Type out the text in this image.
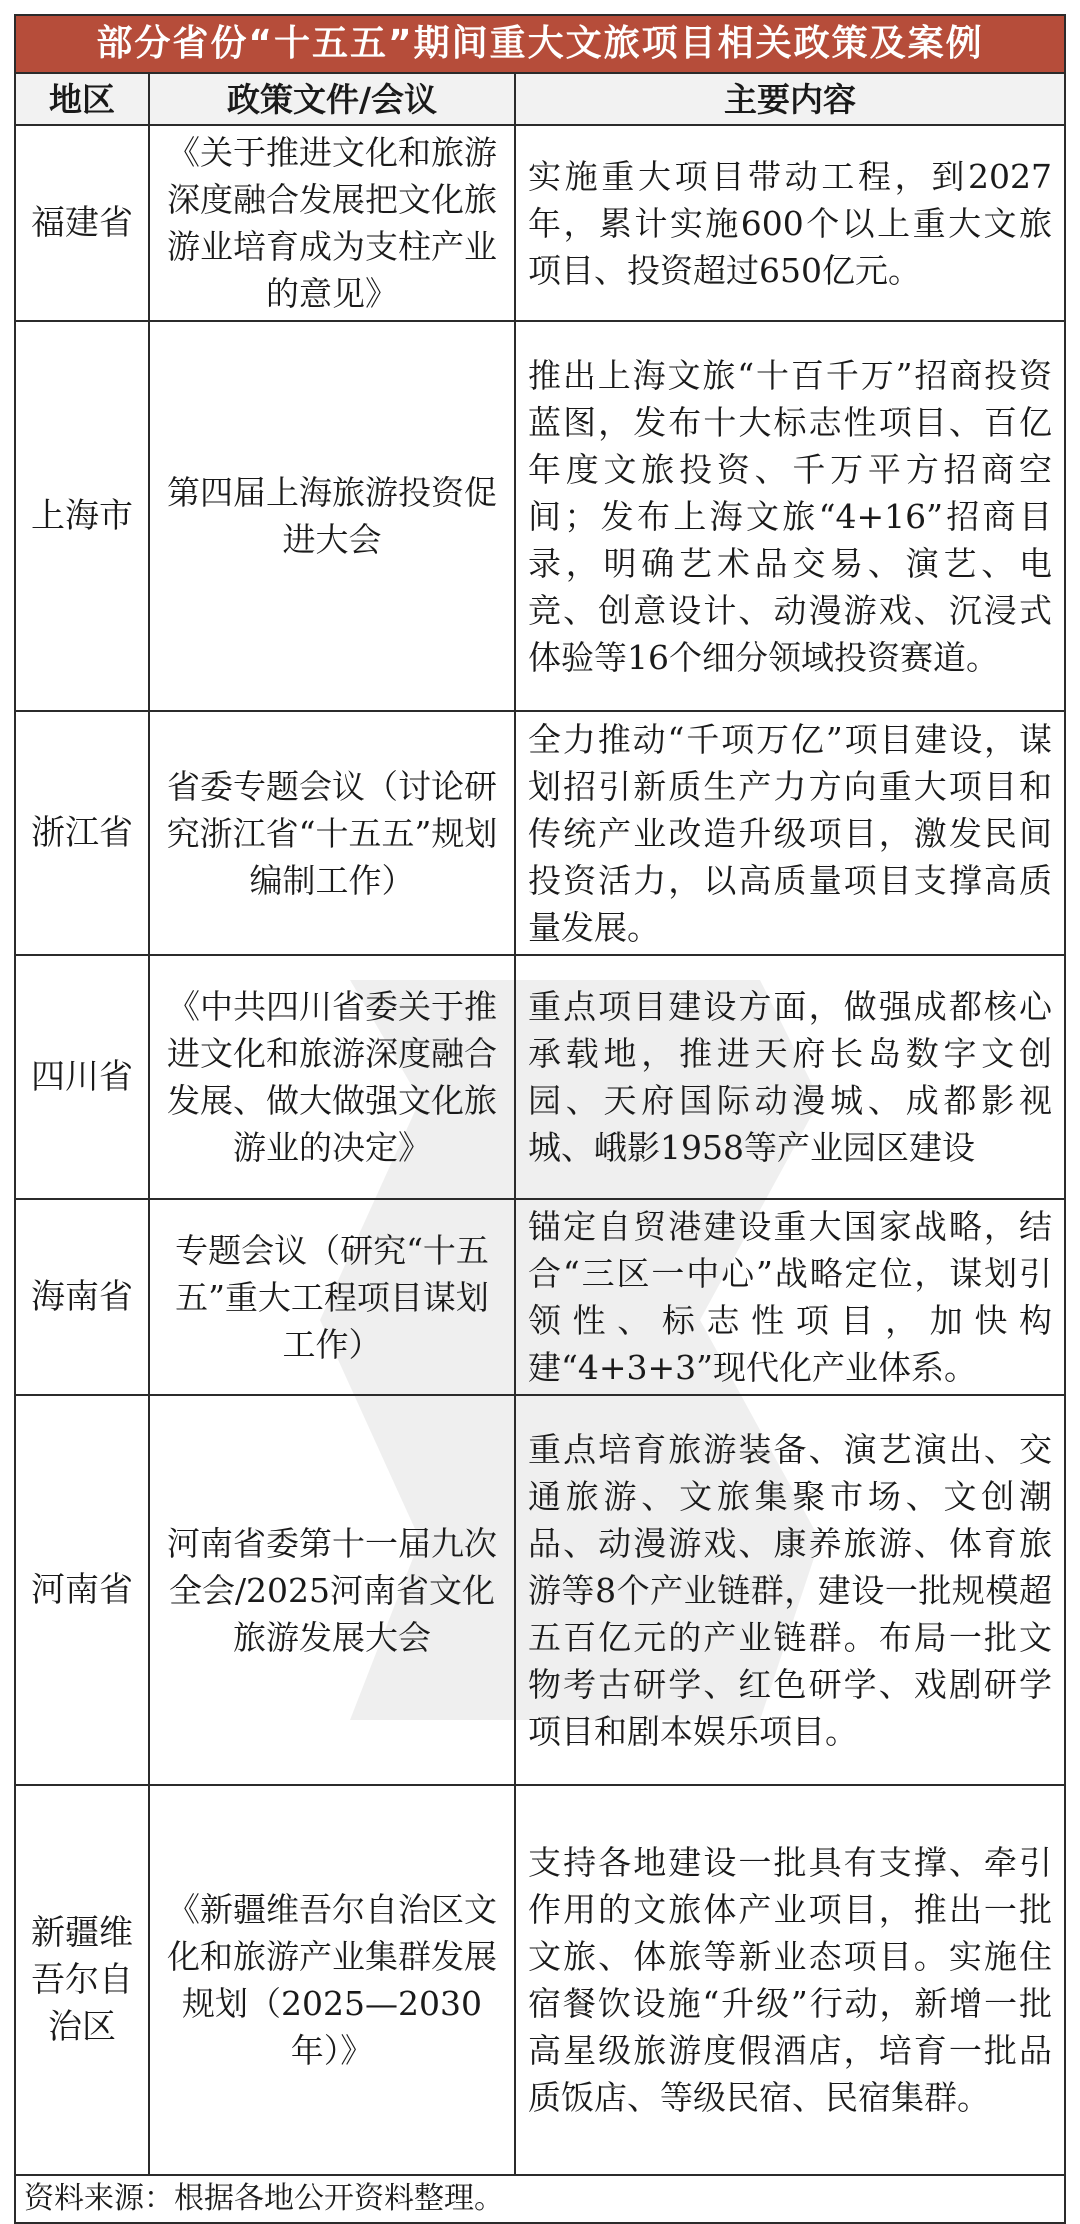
部分省份“十五五”期间重大文旅项目相关政策及案例
地区	政策文件/会议	主要内容
福建省	《关于推进文化和旅游深度融合发展把文化旅游业培育成为支柱产业的意见》	实施重大项目带动工程，到2027年，累计实施600个以上重大文旅项目、投资超过650亿元。
上海市	第四届上海旅游投资促进大会	推出上海文旅“十百千万”招商投资蓝图，发布十大标志性项目、百亿年度文旅投资、千万平方招商空间；发布上海文旅“4+16”招商目录，明确艺术品交易、演艺、电竞、创意设计、动漫游戏、沉浸式体验等16个细分领域投资赛道。
浙江省	省委专题会议（讨论研究浙江省“十五五”规划编制工作）	全力推动“千项万亿”项目建设，谋划招引新质生产力方向重大项目和传统产业改造升级项目，激发民间投资活力，以高质量项目支撑高质量发展。
四川省	《中共四川省委关于推进文化和旅游深度融合发展、做大做强文化旅游业的决定》	重点项目建设方面，做强成都核心承载地，推进天府长岛数字文创园、天府国际动漫城、成都影视城、峨影1958等产业园区建设
海南省	专题会议（研究“十五五”重大工程项目谋划工作）	锚定自贸港建设重大国家战略，结合“三区一中心”战略定位，谋划引领性、标志性项目，加快构建“4+3+3”现代化产业体系。
河南省	河南省委第十一届九次全会/2025河南省文化旅游发展大会	重点培育旅游装备、演艺演出、交通旅游、文旅集聚市场、文创潮品、动漫游戏、康养旅游、体育旅游等8个产业链群，建设一批规模超五百亿元的产业链群。布局一批文物考古研学、红色研学、戏剧研学项目和剧本娱乐项目。
新疆维吾尔自治区	《新疆维吾尔自治区文化和旅游产业集群发展规划（2025—2030年）》	支持各地建设一批具有支撑、牵引作用的文旅体产业项目，推出一批文旅、体旅等新业态项目。实施住宿餐饮设施“升级”行动，新增一批高星级旅游度假酒店，培育一批品质饭店、等级民宿、民宿集群。
资料来源：根据各地公开资料整理。
